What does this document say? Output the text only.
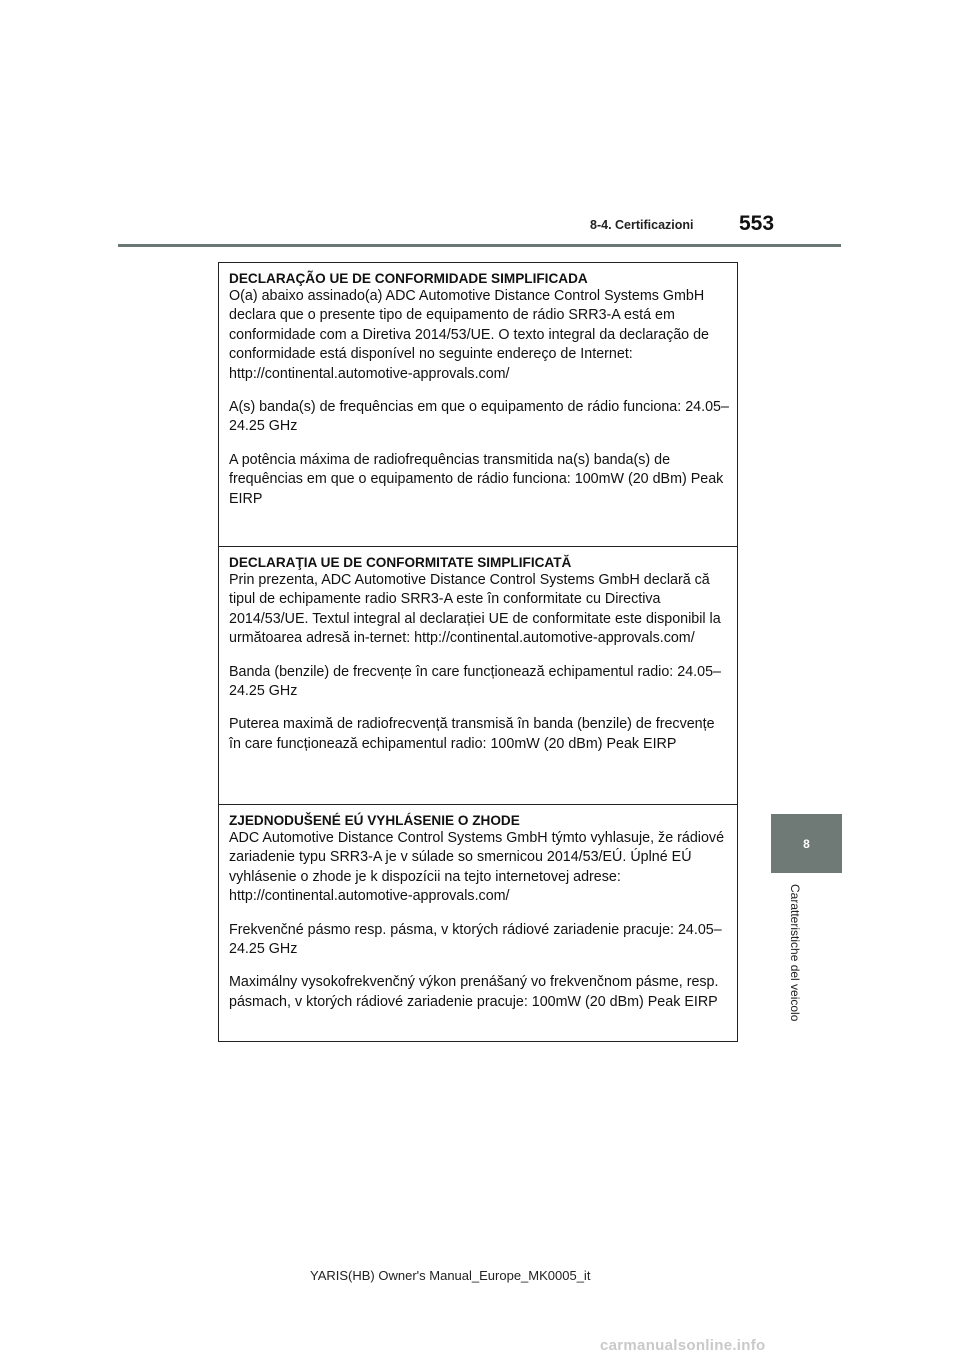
8-4. Certificazioni 553

DECLARAÇÃO UE DE CONFORMIDADE SIMPLIFICADA

O(a) abaixo assinado(a) ADC Automotive Distance Control Systems GmbH declara que o presente tipo de equipamento de rádio SRR3-A está em conformidade com a Diretiva 2014/53/UE. O texto integral da declaração de conformidade está disponível no seguinte endereço de Internet: http://continental.automotive-approvals.com/

A(s) banda(s) de frequências em que o equipamento de rádio funciona: 24.05–24.25 GHz

A potência máxima de radiofrequências transmitida na(s) banda(s) de frequências em que o equipamento de rádio funciona: 100mW (20 dBm) Peak EIRP

DECLARAŢIA UE DE CONFORMITATE SIMPLIFICATĂ

Prin prezenta, ADC Automotive Distance Control Systems GmbH declară că tipul de echipamente radio SRR3-A este în conformitate cu Directiva 2014/53/UE. Textul integral al declarației UE de conformitate este disponibil la următoarea adresă in-ternet: http://continental.automotive-approvals.com/

Banda (benzile) de frecvențe în care funcționează echipamentul radio: 24.05–24.25 GHz

Puterea maximă de radiofrecvență transmisă în banda (benzile) de frecvențe în care funcționează echipamentul radio: 100mW (20 dBm) Peak EIRP

ZJEDNODUŠENÉ EÚ VYHLÁSENIE O ZHODE

ADC Automotive Distance Control Systems GmbH týmto vyhlasuje, že rádiové zariadenie typu SRR3-A je v súlade so smernicou 2014/53/EÚ. Úplné EÚ vyhlásenie o zhode je k dispozícii na tejto internetovej adrese: http://continental.automotive-approvals.com/

Frekvenčné pásmo resp. pásma, v ktorých rádiové zariadenie pracuje: 24.05–24.25 GHz

Maximálny vysokofrekvenčný výkon prenášaný vo frekvenčnom pásme, resp. pásmach, v ktorých rádiové zariadenie pracuje: 100mW (20 dBm) Peak EIRP

8
Caratteristiche del veicolo
YARIS(HB) Owner's Manual_Europe_MK0005_it
carmanualsonline.info
